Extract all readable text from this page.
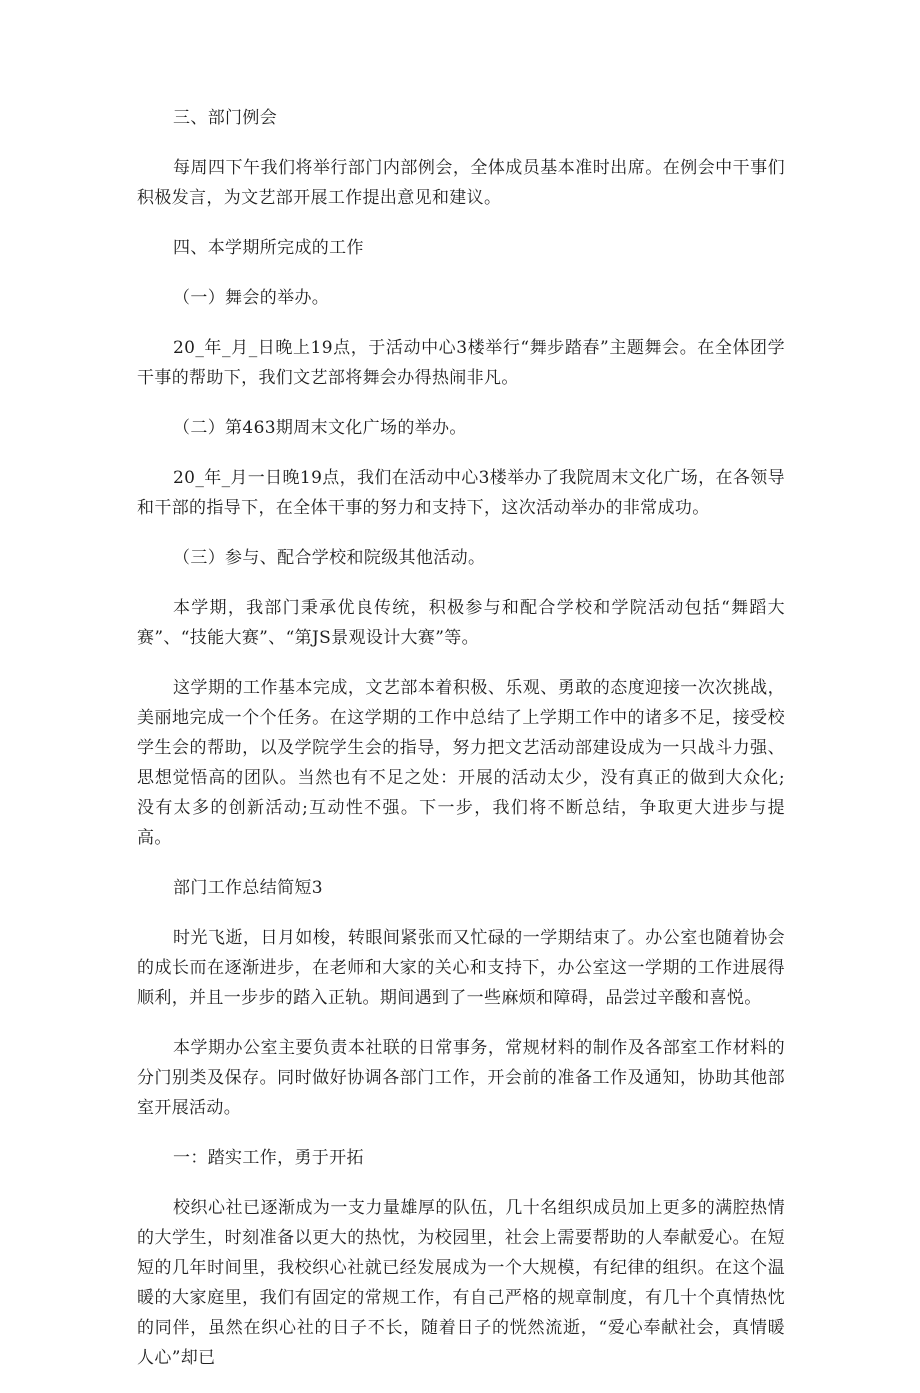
三、部门例会

每周四下午我们将举行部门内部例会，全体成员基本准时出席。在例会中干事们积极发言，为文艺部开展工作提出意见和建议。

四、本学期所完成的工作

（一）舞会的举办。

20_年_月_日晚上19点，于活动中心3楼举行“舞步踏春”主题舞会。在全体团学干事的帮助下，我们文艺部将舞会办得热闹非凡。

（二）第463期周末文化广场的举办。

20_年_月一日晚19点，我们在活动中心3楼举办了我院周末文化广场，在各领导和干部的指导下，在全体干事的努力和支持下，这次活动举办的非常成功。

（三）参与、配合学校和院级其他活动。

本学期，我部门秉承优良传统，积极参与和配合学校和学院活动包括“舞蹈大赛”、“技能大赛”、“第JS景观设计大赛”等。

这学期的工作基本完成，文艺部本着积极、乐观、勇敢的态度迎接一次次挑战，美丽地完成一个个任务。在这学期的工作中总结了上学期工作中的诸多不足，接受校学生会的帮助，以及学院学生会的指导，努力把文艺活动部建设成为一只战斗力强、思想觉悟高的团队。当然也有不足之处：开展的活动太少，没有真正的做到大众化;没有太多的创新活动;互动性不强。下一步，我们将不断总结，争取更大进步与提高。

部门工作总结简短3

时光飞逝，日月如梭，转眼间紧张而又忙碌的一学期结束了。办公室也随着协会的成长而在逐渐进步，在老师和大家的关心和支持下，办公室这一学期的工作进展得顺利，并且一步步的踏入正轨。期间遇到了一些麻烦和障碍，品尝过辛酸和喜悦。

本学期办公室主要负责本社联的日常事务，常规材料的制作及各部室工作材料的分门别类及保存。同时做好协调各部门工作，开会前的准备工作及通知，协助其他部室开展活动。

一：踏实工作，勇于开拓

校织心社已逐渐成为一支力量雄厚的队伍，几十名组织成员加上更多的满腔热情的大学生，时刻准备以更大的热忱，为校园里，社会上需要帮助的人奉献爱心。在短短的几年时间里，我校织心社就已经发展成为一个大规模，有纪律的组织。在这个温暖的大家庭里，我们有固定的常规工作，有自己严格的规章制度，有几十个真情热忱的同伴，虽然在织心社的日子不长，随着日子的恍然流逝，“爱心奉献社会，真情暖人心”却已
